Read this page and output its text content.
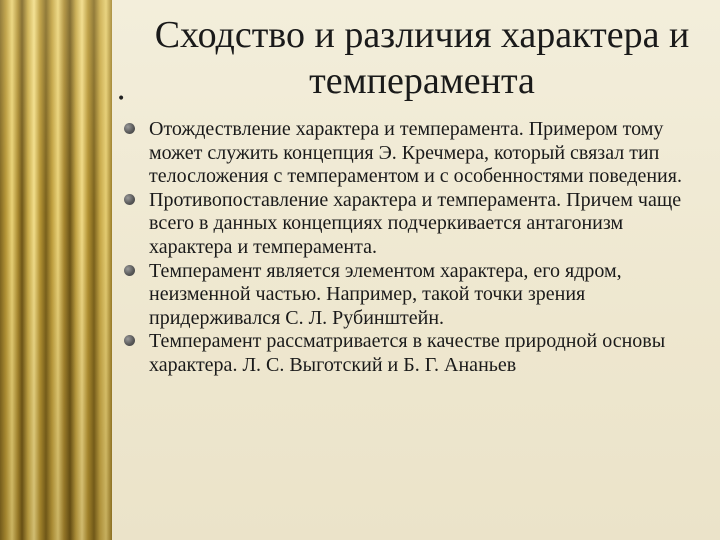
Сходство и различия характера и темперамента
•
Отождествление характера и темперамента. Примером тому может служить концепция Э. Кречмера, который связал тип телосложения с темпераментом и с особенностями поведения.
Противопоставление характера и темперамента. Причем чаще всего в данных концепциях подчеркивается антагонизм характера и темперамента.
Темперамент является элементом характера, его ядром, неизменной частью. Например, такой точки зрения придерживался С. Л. Рубинштейн.
Темперамент рассматривается в качестве природной основы характера. Л. С. Выготский и Б. Г. Ананьев
